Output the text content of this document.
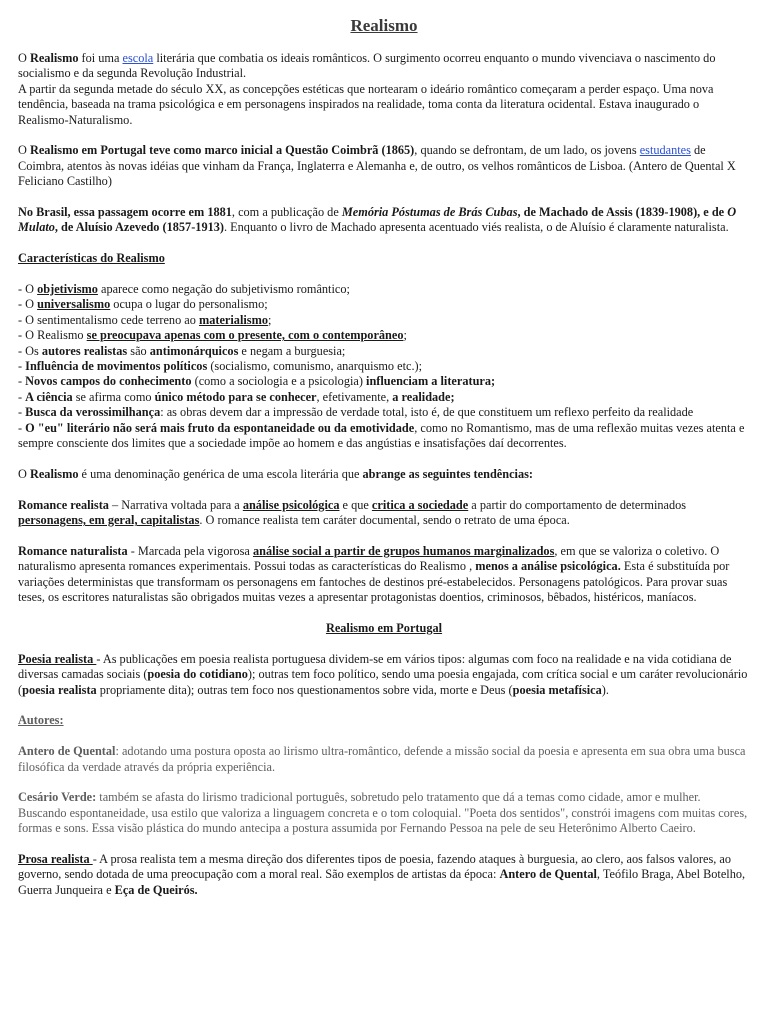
Realismo

O Realismo foi uma escola literária que combatia os ideais românticos. O surgimento ocorreu enquanto o mundo vivenciava o nascimento do socialismo e da segunda Revolução Industrial.
A partir da segunda metade do século XX, as concepções estéticas que nortearam o ideário romântico começaram a perder espaço. Uma nova tendência, baseada na trama psicológica e em personagens inspirados na realidade, toma conta da literatura ocidental. Estava inaugurado o Realismo-Naturalismo.

O Realismo em Portugal teve como marco inicial a Questão Coimbrã (1865), quando se defrontam, de um lado, os jovens estudantes de Coimbra, atentos às novas idéias que vinham da França, Inglaterra e Alemanha e, de outro, os velhos românticos de Lisboa. (Antero de Quental X Feliciano Castilho)

No Brasil, essa passagem ocorre em 1881, com a publicação de Memória Póstumas de Brás Cubas, de Machado de Assis (1839-1908), e de O Mulato, de Aluísio Azevedo (1857-1913). Enquanto o livro de Machado apresenta acentuado viés realista, o de Aluísio é claramente naturalista.

Características do Realismo

- O objetivismo aparece como negação do subjetivismo romântico;
- O universalismo ocupa o lugar do personalismo;
- O sentimentalismo cede terreno ao materialismo;
- O Realismo se preocupava apenas com o presente, com o contemporâneo;
- Os autores realistas são antimonárquicos e negam a burguesia;
- Influência de movimentos políticos (socialismo, comunismo, anarquismo etc.);
- Novos campos do conhecimento (como a sociologia e a psicologia) influenciam a literatura;
- A ciência se afirma como único método para se conhecer, efetivamente, a realidade;
- Busca da verossimilhança: as obras devem dar a impressão de verdade total, isto é, de que constituem um reflexo perfeito da realidade
- O "eu" literário não será mais fruto da espontaneidade ou da emotividade, como no Romantismo, mas de uma reflexão muitas vezes atenta e sempre consciente dos limites que a sociedade impõe ao homem e das angústias e insatisfações daí decorrentes.

O Realismo é uma denominação genérica de uma escola literária que abrange as seguintes tendências:

Romance realista – Narrativa voltada para a análise psicológica e que critica a sociedade a partir do comportamento de determinados personagens, em geral, capitalistas. O romance realista tem caráter documental, sendo o retrato de uma época.

Romance naturalista - Marcada pela vigorosa análise social a partir de grupos humanos marginalizados, em que se valoriza o coletivo. O naturalismo apresenta romances experimentais. Possui todas as características do Realismo , menos a análise psicológica. Esta é substituída por variações deterministas que transformam os personagens em fantoches de destinos pré-estabelecidos. Personagens patológicos. Para provar suas teses, os escritores naturalistas são obrigados muitas vezes a apresentar protagonistas doentios, criminosos, bêbados, histéricos, maníacos.

Realismo em Portugal

Poesia realista - As publicações em poesia realista portuguesa dividem-se em vários tipos: algumas com foco na realidade e na vida cotidiana de diversas camadas sociais (poesia do cotidiano); outras tem foco político, sendo uma poesia engajada, com crítica social e um caráter revolucionário (poesia realista propriamente dita); outras tem foco nos questionamentos sobre vida, morte e Deus (poesia metafísica).

Autores:

Antero de Quental: adotando uma postura oposta ao lirismo ultra-romântico, defende a missão social da poesia e apresenta em sua obra uma busca filosófica da verdade através da própria experiência.

Cesário Verde: também se afasta do lirismo tradicional português, sobretudo pelo tratamento que dá a temas como cidade, amor e mulher. Buscando espontaneidade, usa estilo que valoriza a linguagem concreta e o tom coloquial. "Poeta dos sentidos", constrói imagens com muitas cores, formas e sons. Essa visão plástica do mundo antecipa a postura assumida por Fernando Pessoa na pele de seu Heterônimo Alberto Caeiro.

Prosa realista - A prosa realista tem a mesma direção dos diferentes tipos de poesia, fazendo ataques à burguesia, ao clero, aos falsos valores, ao governo, sendo dotada de uma preocupação com a moral real. São exemplos de artistas da época: Antero de Quental, Teófilo Braga, Abel Botelho, Guerra Junqueira e Eça de Queirós.
